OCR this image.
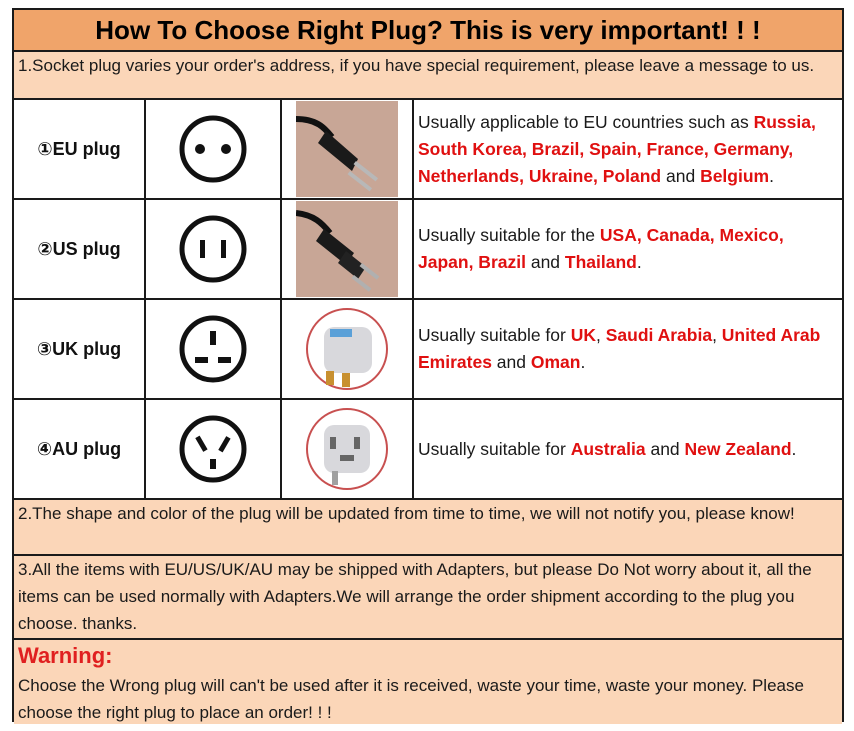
How To Choose Right Plug? This is very important! ! !
1.Socket plug varies your order's address, if you have special requirement, please leave a message to us.
①EU plug
Usually applicable to EU countries such as Russia, South Korea, Brazil, Spain, France, Germany, Netherlands, Ukraine, Poland and Belgium.
②US plug
Usually suitable for the USA, Canada, Mexico, Japan, Brazil and Thailand.
③UK plug
Usually suitable for UK, Saudi Arabia, United Arab Emirates and Oman.
④AU plug	Usually suitable for Australia and New Zealand.
2.The shape and color of the plug will be updated from time to time, we will not notify you, please know!
3.All the items with EU/US/UK/AU may be shipped with Adapters, but please Do Not worry about it, all the items can be used normally with Adapters.We will arrange the order shipment according to the plug you choose. thanks.
Warning:
Choose the Wrong plug will can't be used after it is received, waste your time, waste your money. Please choose the right plug to place an order! ! !
